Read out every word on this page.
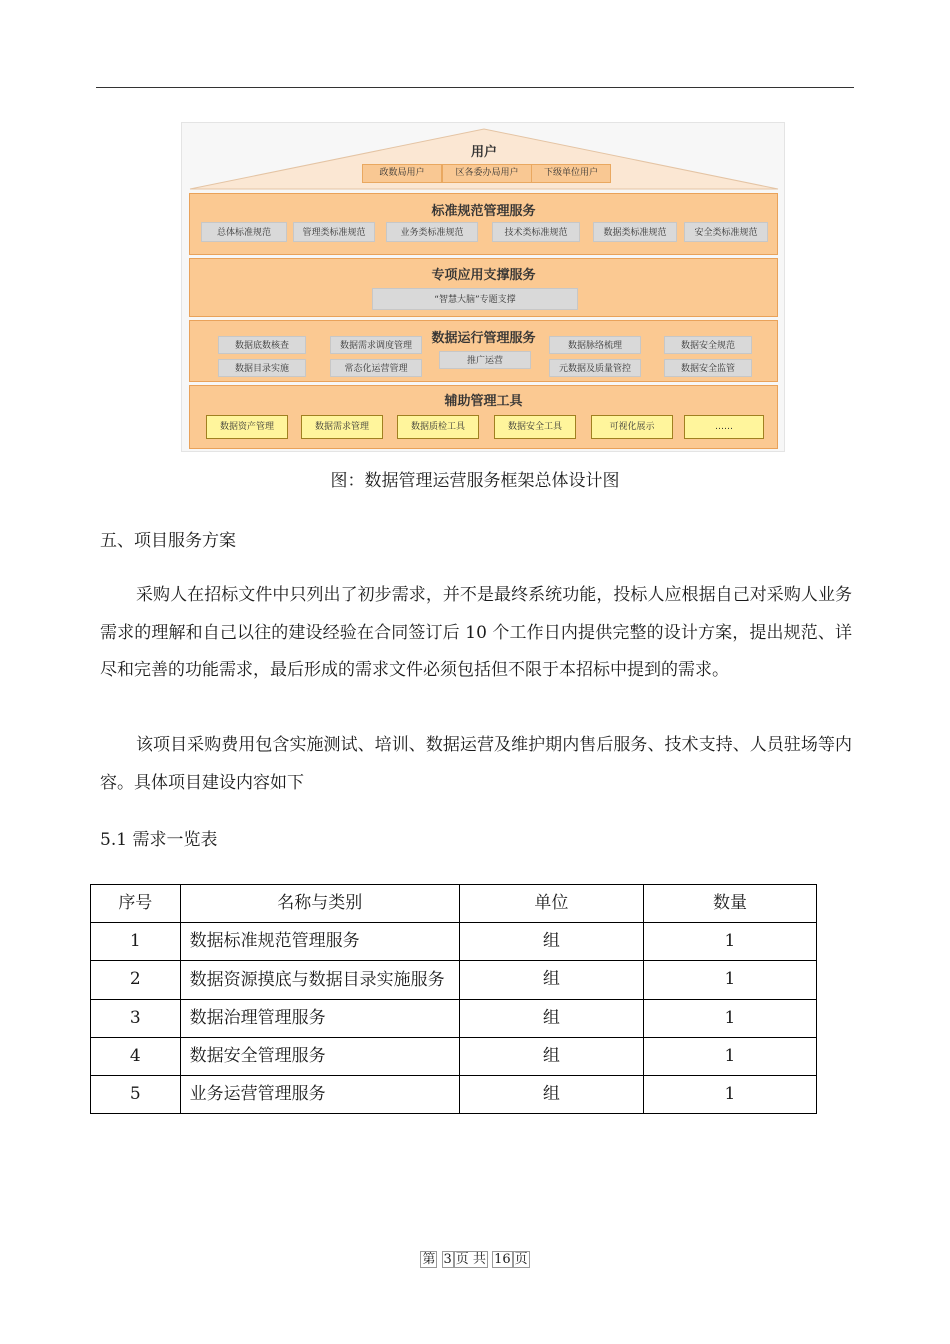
用户
政数局用户	区各委办局用户	下级单位用户
标准规范管理服务
总体标准规范	管理类标准规范	业务类标准规范	技术类标准规范	数据类标准规范	安全类标准规范
专项应用支撑服务
“智慧大脑”专题支撑
数据运行管理服务
数据底数核查
数据目录实施
数据需求调度管理
常态化运营管理
推广运营
数据脉络梳理
元数据及质量管控
数据安全规范
数据安全监管
辅助管理工具
数据资产管理	数据需求管理	数据质检工具	数据安全工具	可视化展示	……
图：数据管理运营服务框架总体设计图
五、项目服务方案
采购人在招标文件中只列出了初步需求，并不是最终系统功能，投标人应根据自己对采购人业务需求的理解和自己以往的建设经验在合同签订后 10 个工作日内提供完整的设计方案，提出规范、详尽和完善的功能需求，最后形成的需求文件必须包括但不限于本招标中提到的需求。
该项目采购费用包含实施测试、培训、数据运营及维护期内售后服务、技术支持、人员驻场等内容。具体项目建设内容如下
5.1 需求一览表
序号	名称与类别	单位	数量
1	数据标准规范管理服务	组	1
2	数据资源摸底与数据目录实施服务	组	1
3	数据治理管理服务	组	1
4	数据安全管理服务	组	1
5	业务运营管理服务	组	1
第 3 页 共 16 页
